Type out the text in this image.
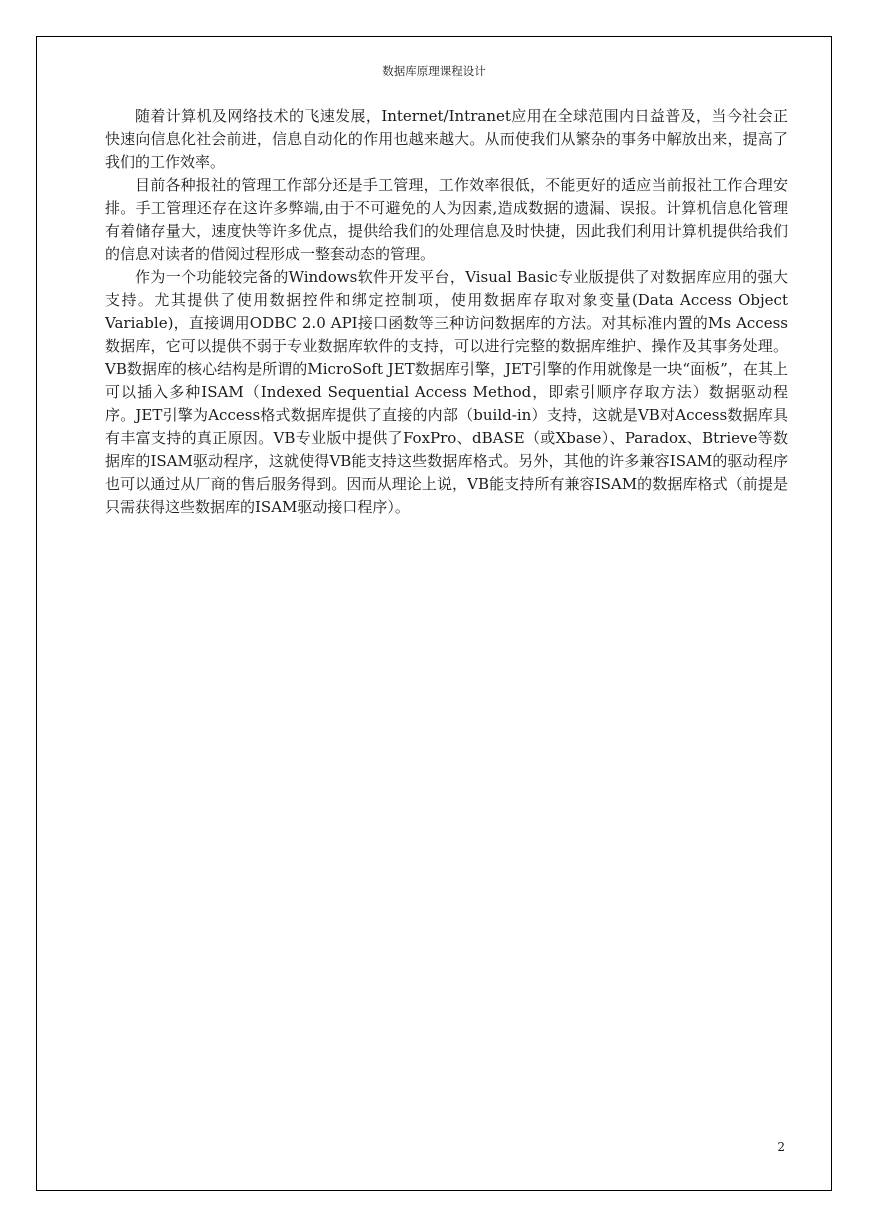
数据库原理课程设计

随着计算机及网络技术的飞速发展，Internet/Intranet应用在全球范围内日益普及，当今社会正快速向信息化社会前进，信息自动化的作用也越来越大。从而使我们从繁杂的事务中解放出来，提高了我们的工作效率。

目前各种报社的管理工作部分还是手工管理，工作效率很低，不能更好的适应当前报社工作合理安排。手工管理还存在这许多弊端,由于不可避免的人为因素,造成数据的遗漏、误报。计算机信息化管理有着储存量大，速度快等许多优点，提供给我们的处理信息及时快捷，因此我们利用计算机提供给我们的信息对读者的借阅过程形成一整套动态的管理。

作为一个功能较完备的Windows软件开发平台，Visual Basic专业版提供了对数据库应用的强大支持。尤其提供了使用数据控件和绑定控制项，使用数据库存取对象变量(Data Access Object Variable)，直接调用ODBC 2.0 API接口函数等三种访问数据库的方法。对其标准内置的Ms Access数据库，它可以提供不弱于专业数据库软件的支持，可以进行完整的数据库维护、操作及其事务处理。VB数据库的核心结构是所谓的MicroSoft JET数据库引擎，JET引擎的作用就像是一块“面板”，在其上可以插入多种ISAM（Indexed Sequential Access Method，即索引顺序存取方法）数据驱动程序。JET引擎为Access格式数据库提供了直接的内部（build-in）支持，这就是VB对Access数据库具有丰富支持的真正原因。VB专业版中提供了FoxPro、dBASE（或Xbase）、Paradox、Btrieve等数据库的ISAM驱动程序，这就使得VB能支持这些数据库格式。另外，其他的许多兼容ISAM的驱动程序也可以通过从厂商的售后服务得到。因而从理论上说，VB能支持所有兼容ISAM的数据库格式（前提是只需获得这些数据库的ISAM驱动接口程序）。

2
